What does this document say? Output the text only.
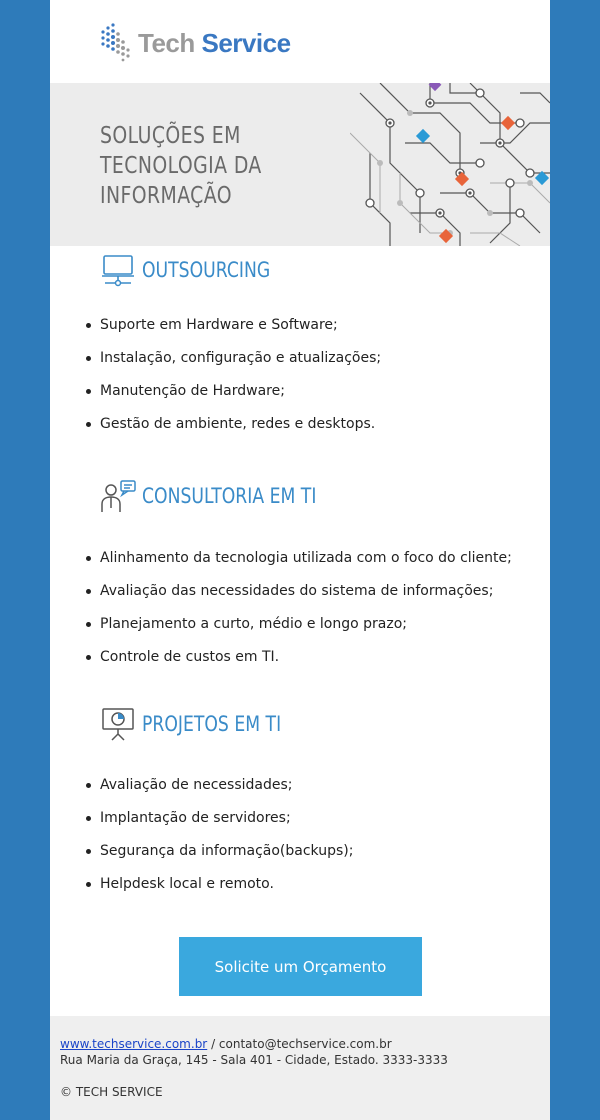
Tech Service
SOLUÇÕES EM
TECNOLOGIA DA
INFORMAÇÃO
OUTSOURCING
Suporte em Hardware e Software;
Instalação, configuração e atualizações;
Manutenção de Hardware;
Gestão de ambiente, redes e desktops.
CONSULTORIA EM TI
Alinhamento da tecnologia utilizada com o foco do cliente;
Avaliação das necessidades do sistema de informações;
Planejamento a curto, médio e longo prazo;
Controle de custos em TI.
PROJETOS EM TI
Avaliação de necessidades;
Implantação de servidores;
Segurança da informação(backups);
Helpdesk local e remoto.
Solicite um Orçamento
www.techservice.com.br / contato@techservice.com.br
Rua Maria da Graça, 145 - Sala 401 - Cidade, Estado. 3333-3333
© TECH SERVICE
